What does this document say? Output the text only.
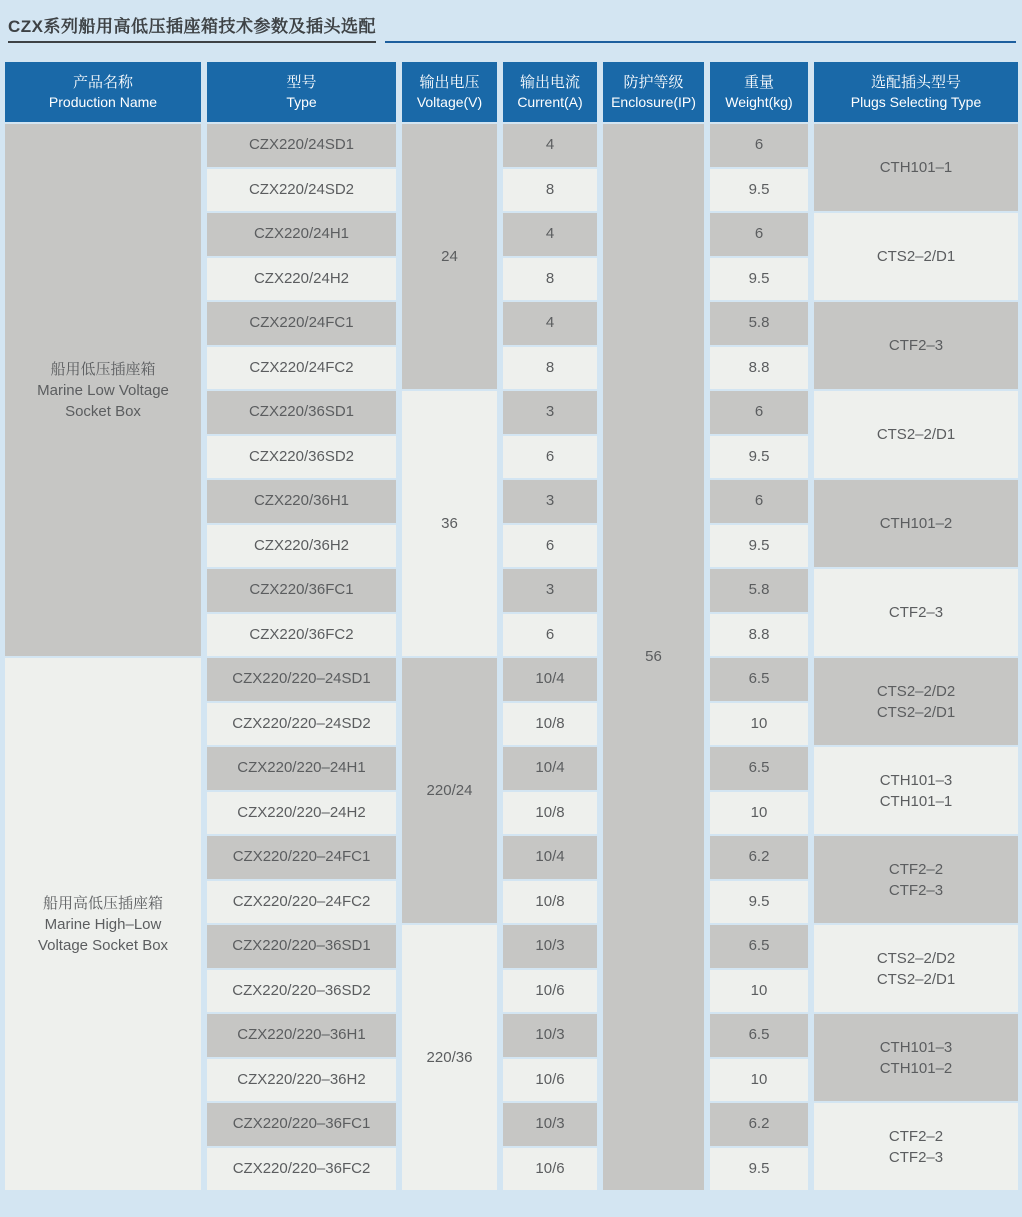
CZX系列船用高低压插座箱技术参数及插头选配
产品名称
Production Name
型号
Type
输出电压
Voltage(V)
输出电流
Current(A)
防护等级
Enclosure(IP)
重量
Weight(kg)
选配插头型号
Plugs Selecting Type
船用低压插座箱
Marine Low Voltage
Socket Box
船用高低压插座箱
Marine High–Low
Voltage Socket Box
CZX220/24SD1
CZX220/24SD2
CZX220/24H1
CZX220/24H2
CZX220/24FC1
CZX220/24FC2
CZX220/36SD1
CZX220/36SD2
CZX220/36H1
CZX220/36H2
CZX220/36FC1
CZX220/36FC2
CZX220/220–24SD1
CZX220/220–24SD2
CZX220/220–24H1
CZX220/220–24H2
CZX220/220–24FC1
CZX220/220–24FC2
CZX220/220–36SD1
CZX220/220–36SD2
CZX220/220–36H1
CZX220/220–36H2
CZX220/220–36FC1
CZX220/220–36FC2
24
36
220/24
220/36
4
8
4
8
4
8
3
6
3
6
3
6
10/4
10/8
10/4
10/8
10/4
10/8
10/3
10/6
10/3
10/6
10/3
10/6
56
6
9.5
6
9.5
5.8
8.8
6
9.5
6
9.5
5.8
8.8
6.5
10
6.5
10
6.2
9.5
6.5
10
6.5
10
6.2
9.5
CTH101–1
CTS2–2/D1
CTF2–3
CTS2–2/D1
CTH101–2
CTF2–3
CTS2–2/D2
CTS2–2/D1
CTH101–3
CTH101–1
CTF2–2
CTF2–3
CTS2–2/D2
CTS2–2/D1
CTH101–3
CTH101–2
CTF2–2
CTF2–3
